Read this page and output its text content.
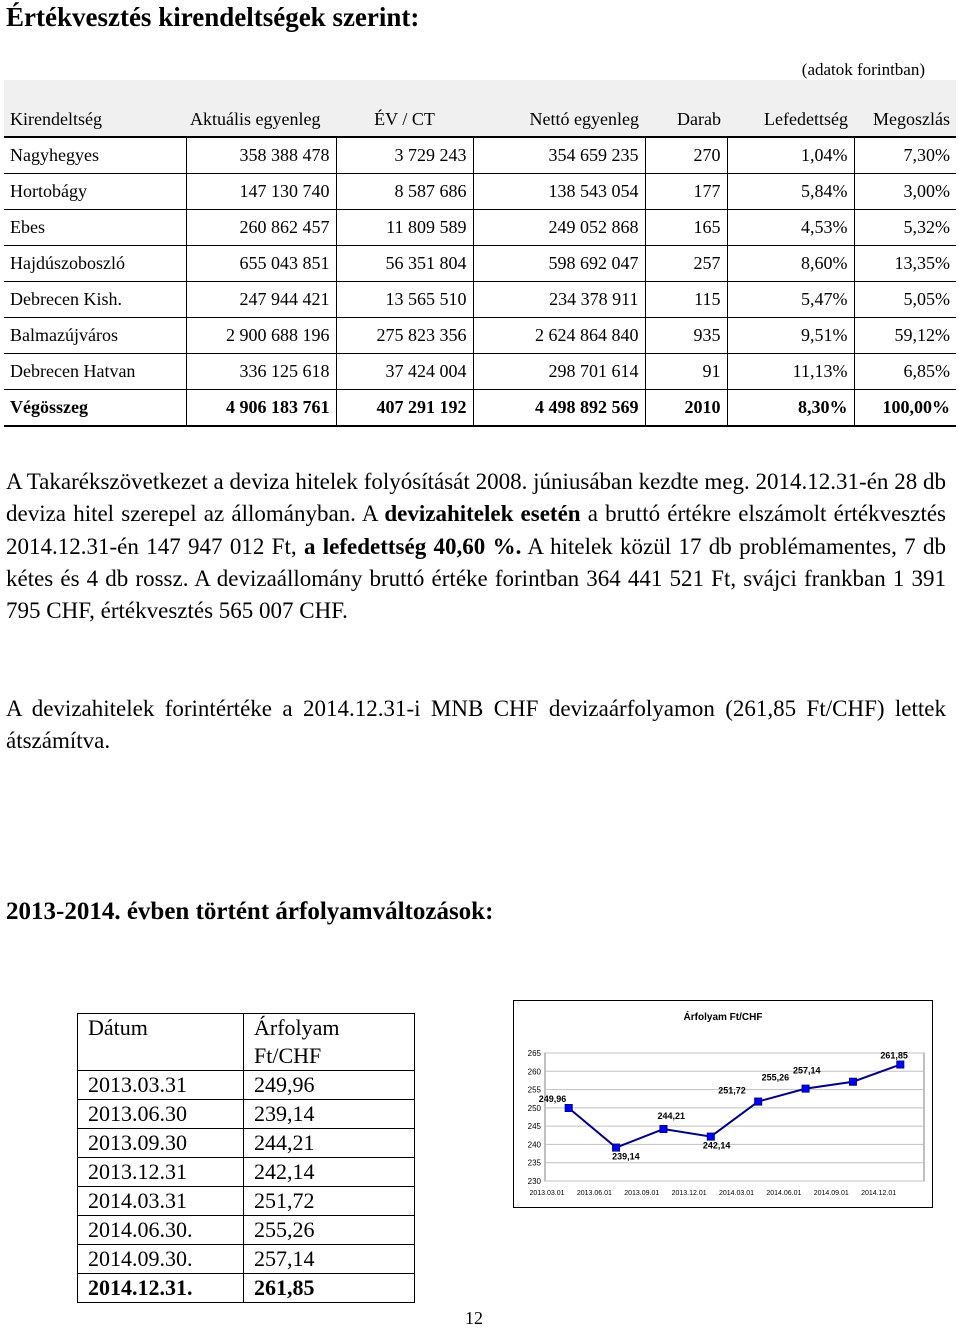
Értékvesztés kirendeltségek szerint:
(adatok forintban)
Kirendeltség	Aktuális egyenleg	ÉV / CT	Nettó egyenleg	Darab	Lefedettség	Megoszlás
Nagyhegyes	358 388 478	3 729 243	354 659 235	270	1,04%	7,30%
Hortobágy	147 130 740	8 587 686	138 543 054	177	5,84%	3,00%
Ebes	260 862 457	11 809 589	249 052 868	165	4,53%	5,32%
Hajdúszoboszló	655 043 851	56 351 804	598 692 047	257	8,60%	13,35%
Debrecen Kish.	247 944 421	13 565 510	234 378 911	115	5,47%	5,05%
Balmazújváros	2 900 688 196	275 823 356	2 624 864 840	935	9,51%	59,12%
Debrecen Hatvan	336 125 618	37 424 004	298 701 614	91	11,13%	6,85%
Végösszeg	4 906 183 761	407 291 192	4 498 892 569	2010	8,30%	100,00%
A Takarékszövetkezet a deviza hitelek folyósítását 2008. júniusában kezdte meg. 2014.12.31-én 28 db deviza hitel szerepel az állományban. A devizahitelek esetén a bruttó értékre elszámolt értékvesztés 2014.12.31-én 147 947 012 Ft, a lefedettség 40,60 %. A hitelek közül 17 db problémamentes, 7 db kétes és 4 db rossz. A devizaállomány bruttó értéke forintban 364 441 521 Ft, svájci frankban 1 391 795 CHF, értékvesztés 565 007 CHF.
A devizahitelek forintértéke a 2014.12.31-i MNB CHF devizaárfolyamon (261,85 Ft/CHF) lettek átszámítva.
2013-2014. évben történt árfolyamváltozások:
Dátum	Árfolyam
Ft/CHF
2013.03.31	249,96
2013.06.30	239,14
2013.09.30	244,21
2013.12.31	242,14
2014.03.31	251,72
2014.06.30.	255,26
2014.09.30.	257,14
2014.12.31.	261,85
230
235
240
245
250
255
260
265
2013.03.01 2013.06.01 2013.09.01 2013.12.01 2014.03.01 2014.06.01 2014.09.01 2014.12.01
249,96
239,14
244,21
242,14
251,72
255,26
257,14
261,85
Árfolyam Ft/CHF
12
